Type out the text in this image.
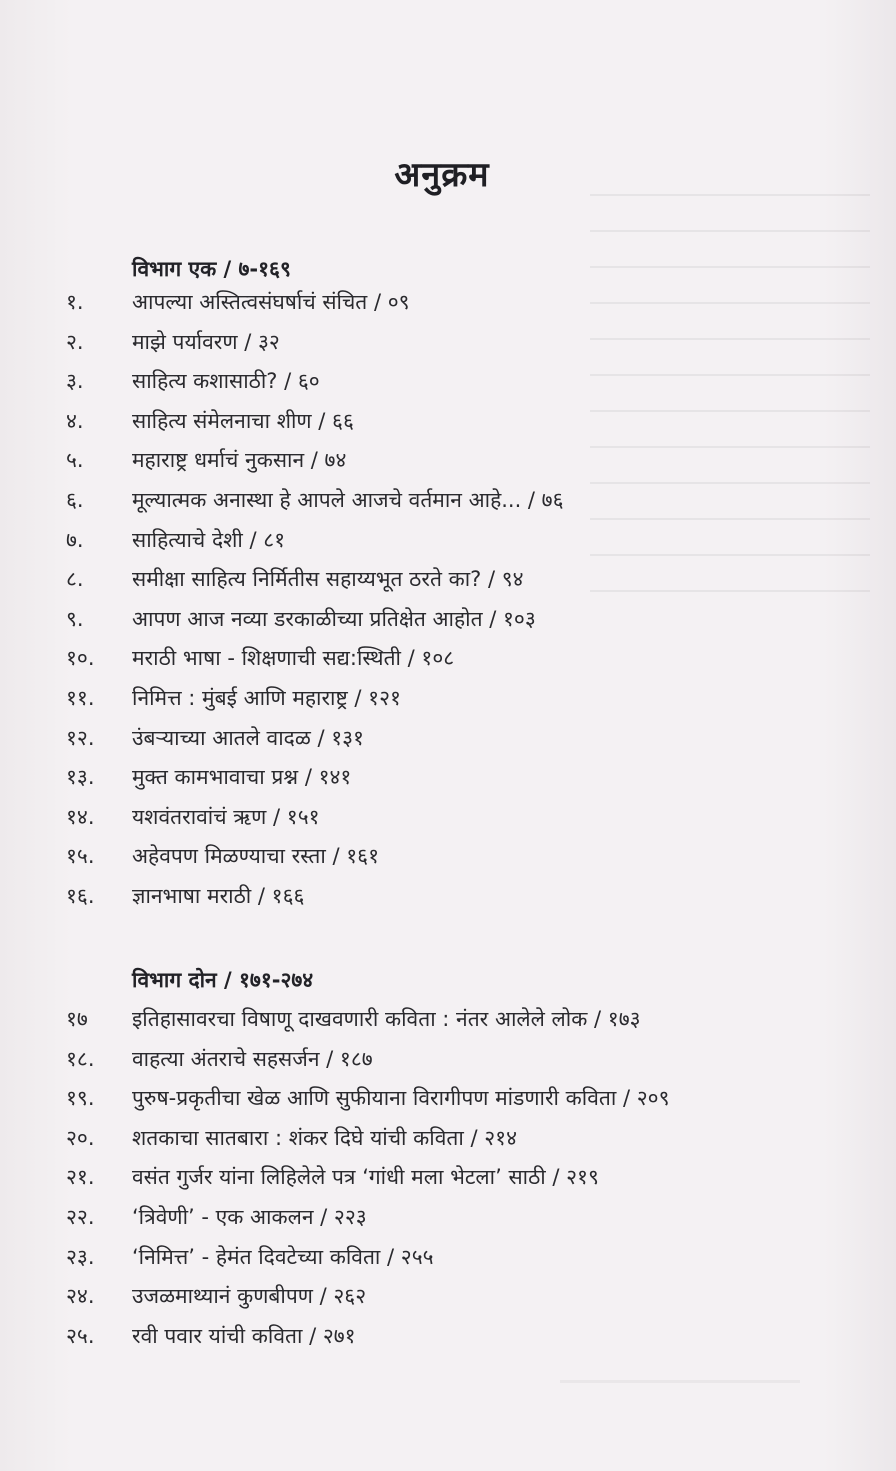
अनुक्रम
विभाग एक / ७-१६९
१. आपल्या अस्तित्वसंघर्षाचं संचित / ०९
२. माझे पर्यावरण / ३२
३. साहित्य कशासाठी? / ६०
४. साहित्य संमेलनाचा शीण / ६६
५. महाराष्ट्र धर्माचं नुकसान / ७४
६. मूल्यात्मक अनास्था हे आपले आजचे वर्तमान आहे... / ७६
७. साहित्याचे देशी / ८१
८. समीक्षा साहित्य निर्मितीस सहाय्यभूत ठरते का? / ९४
९. आपण आज नव्या डरकाळीच्या प्रतिक्षेत आहोत / १०३
१०. मराठी भाषा - शिक्षणाची सद्य:स्थिती / १०८
११. निमित्त : मुंबई आणि महाराष्ट्र / १२१
१२. उंबऱ्याच्या आतले वादळ / १३१
१३. मुक्त कामभावाचा प्रश्न / १४१
१४. यशवंतरावांचं ऋण / १५१
१५. अहेवपण मिळण्याचा रस्ता / १६१
१६. ज्ञानभाषा मराठी / १६६
विभाग दोन / १७१-२७४
१७ इतिहासावरचा विषाणू दाखवणारी कविता : नंतर आलेले लोक / १७३
१८. वाहत्या अंतराचे सहसर्जन / १८७
१९. पुरुष-प्रकृतीचा खेळ आणि सुफीयाना विरागीपण मांडणारी कविता / २०९
२०. शतकाचा सातबारा : शंकर दिघे यांची कविता / २१४
२१. वसंत गुर्जर यांना लिहिलेले पत्र ‘गांधी मला भेटला’ साठी / २१९
२२. ‘त्रिवेणी’ - एक आकलन / २२३
२३. ‘निमित्त’ - हेमंत दिवटेच्या कविता / २५५
२४. उजळमाथ्यानं कुणबीपण / २६२
२५. रवी पवार यांची कविता / २७१
